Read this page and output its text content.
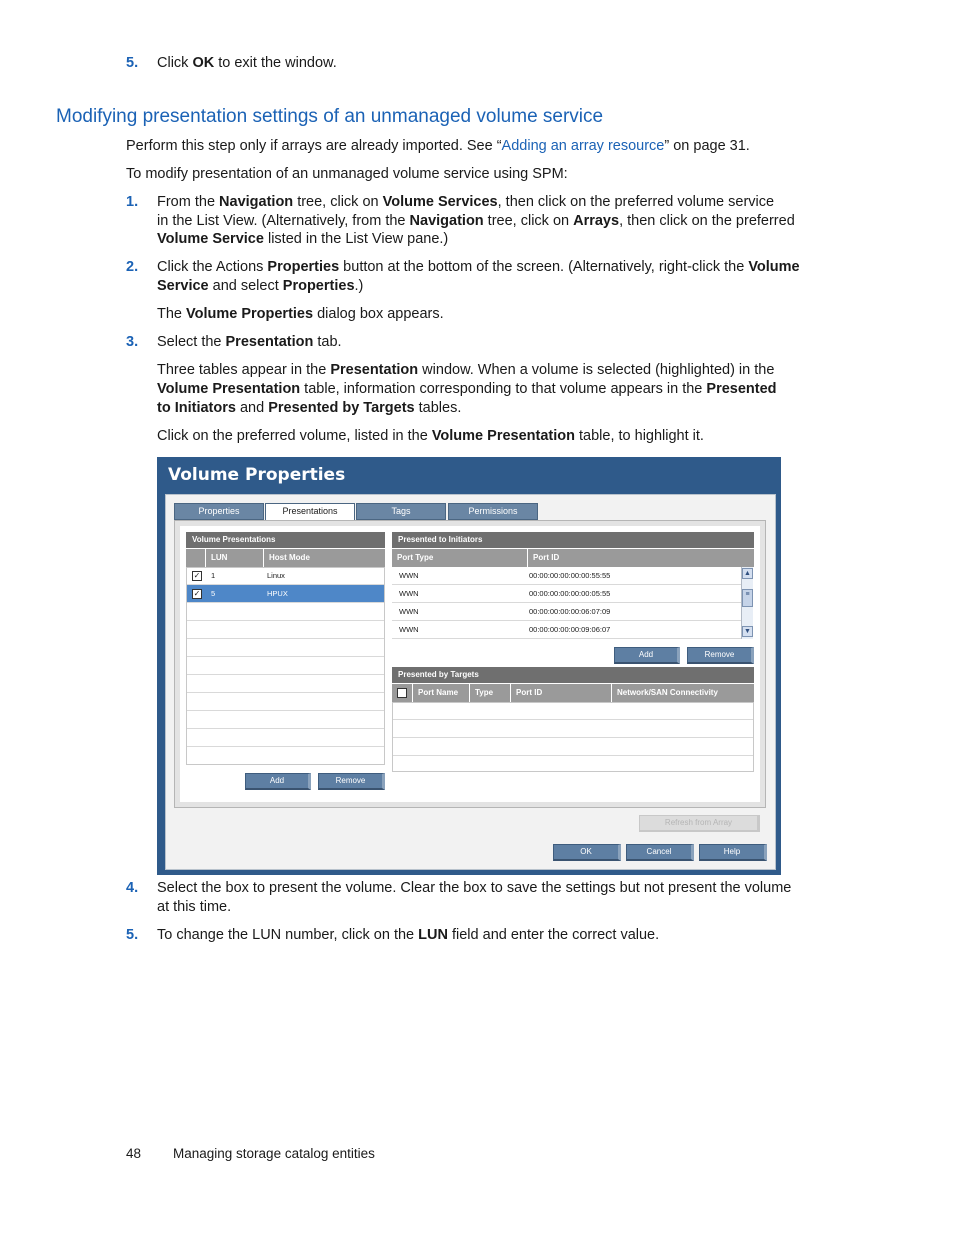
5. Click OK to exit the window.
Modifying presentation settings of an unmanaged volume service
Perform this step only if arrays are already imported. See “Adding an array resource” on page 31.
To modify presentation of an unmanaged volume service using SPM:
1. From the Navigation tree, click on Volume Services, then click on the preferred volume service
in the List View. (Alternatively, from the Navigation tree, click on Arrays, then click on the preferred
Volume Service listed in the List View pane.)
2. Click the Actions Properties button at the bottom of the screen. (Alternatively, right-click the Volume
Service and select Properties.)
The Volume Properties dialog box appears.
3. Select the Presentation tab.
Three tables appear in the Presentation window. When a volume is selected (highlighted) in the
Volume Presentation table, information corresponding to that volume appears in the Presented
to Initiators and Presented by Targets tables.
Click on the preferred volume, listed in the Volume Presentation table, to highlight it.
Volume Properties
Properties	Presentations	Tags	Permissions
Volume Presentations
LUN	Host Mode
✓ 1	Linux
✓ 5	HPUX
Add	Remove
Presented to Initiators
Port Type	Port ID
WWN	00:00:00:00:00:00:55:55
WWN	00:00:00:00:00:00:05:55
WWN	00:00:00:00:00:06:07:09
WWN	00:00:00:00:00:09:06:07
▲
≡
▼
Add	Remove
Presented by Targets
Port Name	Type	Port ID	Network/SAN Connectivity
Refresh from Array
OK	Cancel	Help
4. Select the box to present the volume. Clear the box to save the settings but not present the volume
at this time.
5. To change the LUN number, click on the LUN field and enter the correct value.
48 Managing storage catalog entities
